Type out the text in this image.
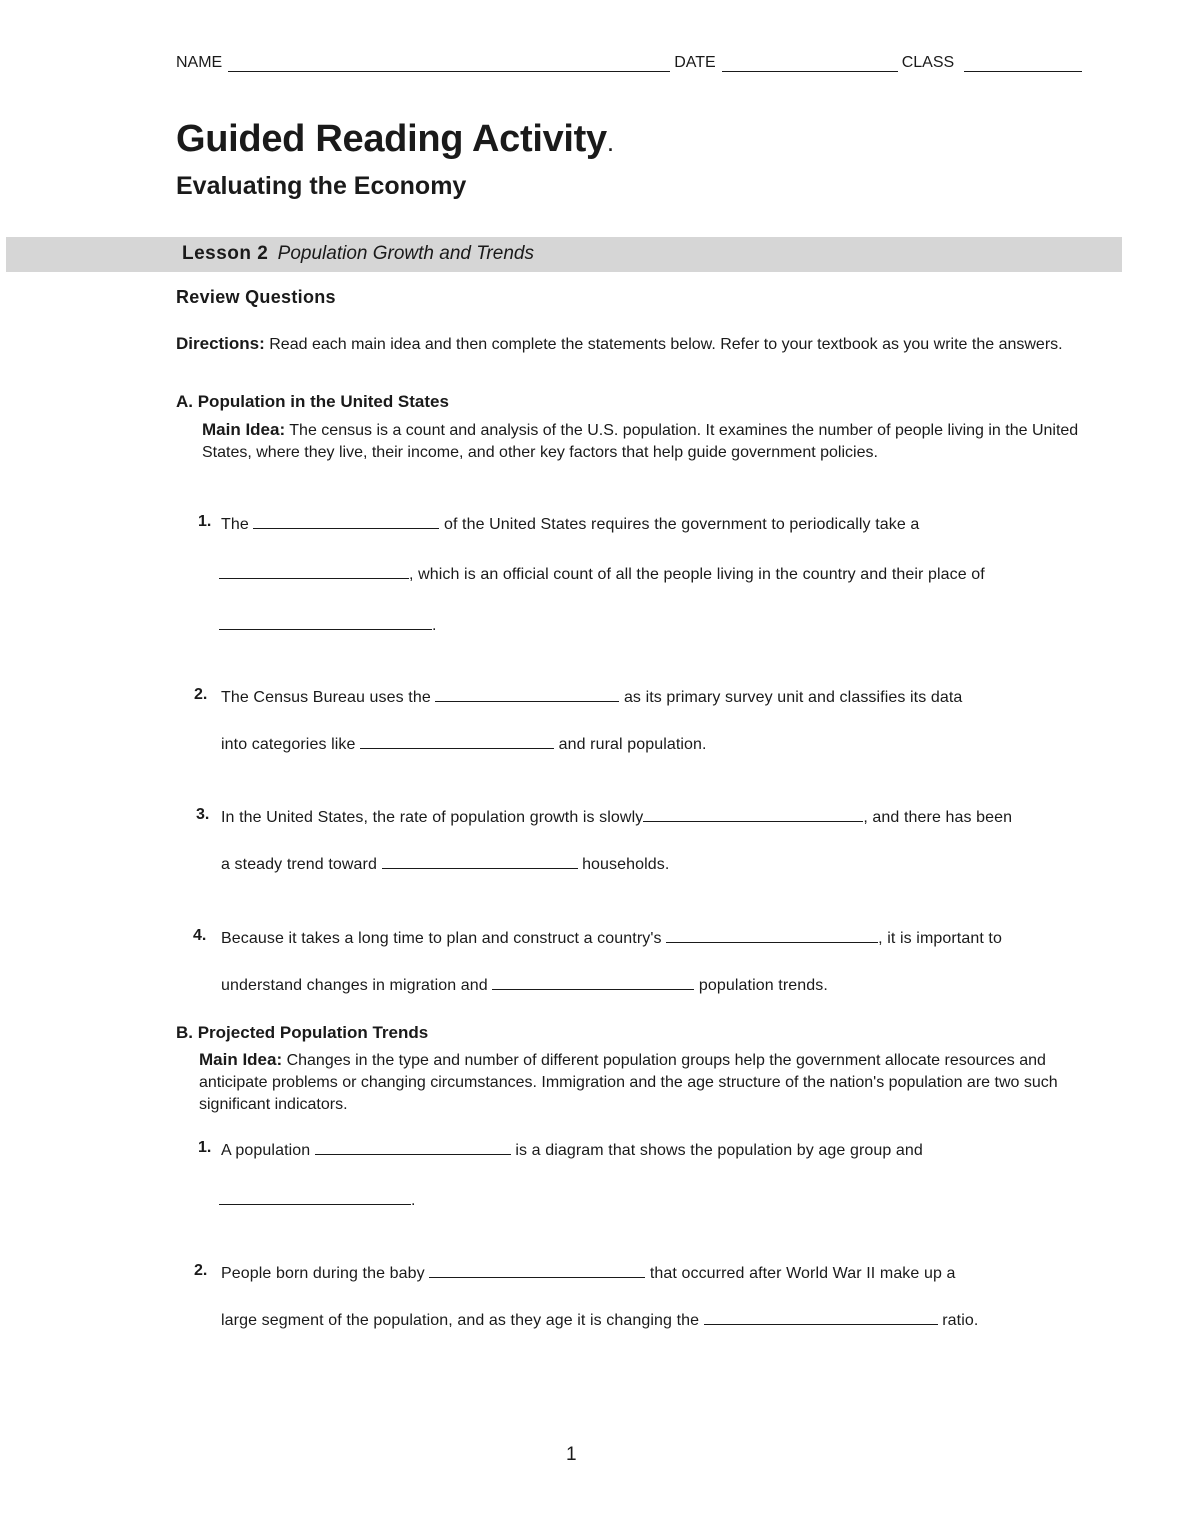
NAME	DATE	CLASS
Guided Reading Activity.
Evaluating the Economy
Lesson 2 Population Growth and Trends
Review Questions
Directions: Read each main idea and then complete the statements below. Refer to your textbook as you write the answers.
A. Population in the United States
Main Idea: The census is a count and analysis of the U.S. population. It examines the number of people living in the United States, where they live, their income, and other key factors that help guide government policies.
1. The	of the United States requires the government to periodically take a
, which is an official count of all the people living in the country and their place of
.
2. The Census Bureau uses the	as its primary survey unit and classifies its data
into categories like	and rural population.
3. In the United States, the rate of population growth is slowly	, and there has been
a steady trend toward	households.
4. Because it takes a long time to plan and construct a country's	, it is important to
understand changes in migration and	population trends.
B. Projected Population Trends
Main Idea: Changes in the type and number of different population groups help the government allocate resources and anticipate problems or changing circumstances. Immigration and the age structure of the nation's population are two such significant indicators.
1. A population	is a diagram that shows the population by age group and
.
2. People born during the baby	that occurred after World War II make up a
large segment of the population, and as they age it is changing the	ratio.
1
